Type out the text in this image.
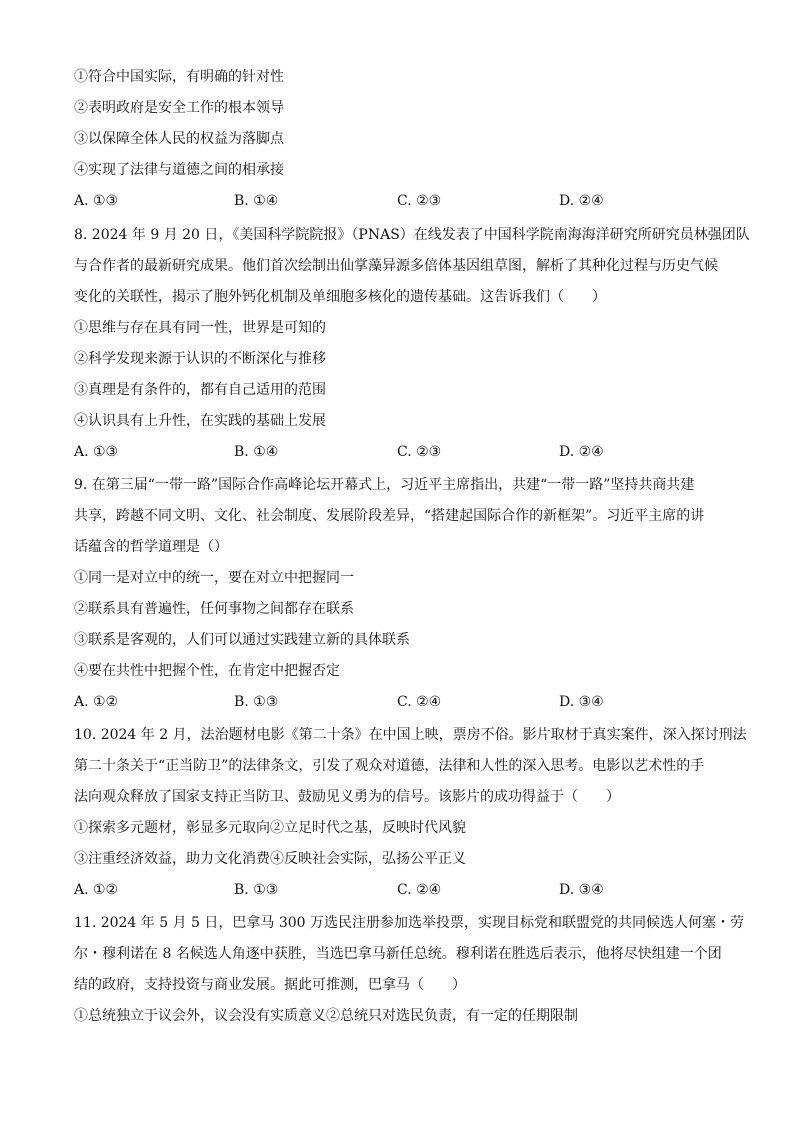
①符合中国实际，有明确的针对性
②表明政府是安全工作的根本领导
③以保障全体人民的权益为落脚点
④实现了法律与道德之间的相承接
A. ①③	B. ①④	C. ②③	D. ②④
8. 2024 年 9 月 20 日，《美国科学院院报》（PNAS）在线发表了中国科学院南海海洋研究所研究员林强团队
与合作者的最新研究成果。他们首次绘制出仙掌藻异源多倍体基因组草图，解析了其种化过程与历史气候
变化的关联性，揭示了胞外钙化机制及单细胞多核化的遗传基础。这告诉我们（　　）
①思维与存在具有同一性，世界是可知的
②科学发现来源于认识的不断深化与推移
③真理是有条件的，都有自己适用的范围
④认识具有上升性，在实践的基础上发展
A. ①③	B. ①④	C. ②③	D. ②④
9. 在第三届“一带一路”国际合作高峰论坛开幕式上，习近平主席指出，共建“一带一路”坚持共商共建
共享，跨越不同文明、文化、社会制度、发展阶段差异，“搭建起国际合作的新框架”。习近平主席的讲
话蕴含的哲学道理是（）
①同一是对立中的统一，要在对立中把握同一
②联系具有普遍性，任何事物之间都存在联系
③联系是客观的，人们可以通过实践建立新的具体联系
④要在共性中把握个性，在肯定中把握否定
A. ①②	B. ①③	C. ②④	D. ③④
10. 2024 年 2 月，法治题材电影《第二十条》在中国上映，票房不俗。影片取材于真实案件，深入探讨刑法
第二十条关于“正当防卫”的法律条文，引发了观众对道德，法律和人性的深入思考。电影以艺术性的手
法向观众释放了国家支持正当防卫、鼓励见义勇为的信号。该影片的成功得益于（　　）
①探索多元题材，彰显多元取向②立足时代之基，反映时代风貌
③注重经济效益，助力文化消费④反映社会实际，弘扬公平正义
A. ①②	B. ①③	C. ②④	D. ③④
11. 2024 年 5 月 5 日，巴拿马 300 万选民注册参加选举投票，实现目标党和联盟党的共同候选人何塞・劳
尔・穆利诺在 8 名候选人角逐中获胜，当选巴拿马新任总统。穆利诺在胜选后表示，他将尽快组建一个团
结的政府，支持投资与商业发展。据此可推测，巴拿马（　　）
①总统独立于议会外，议会没有实质意义②总统只对选民负责，有一定的任期限制
